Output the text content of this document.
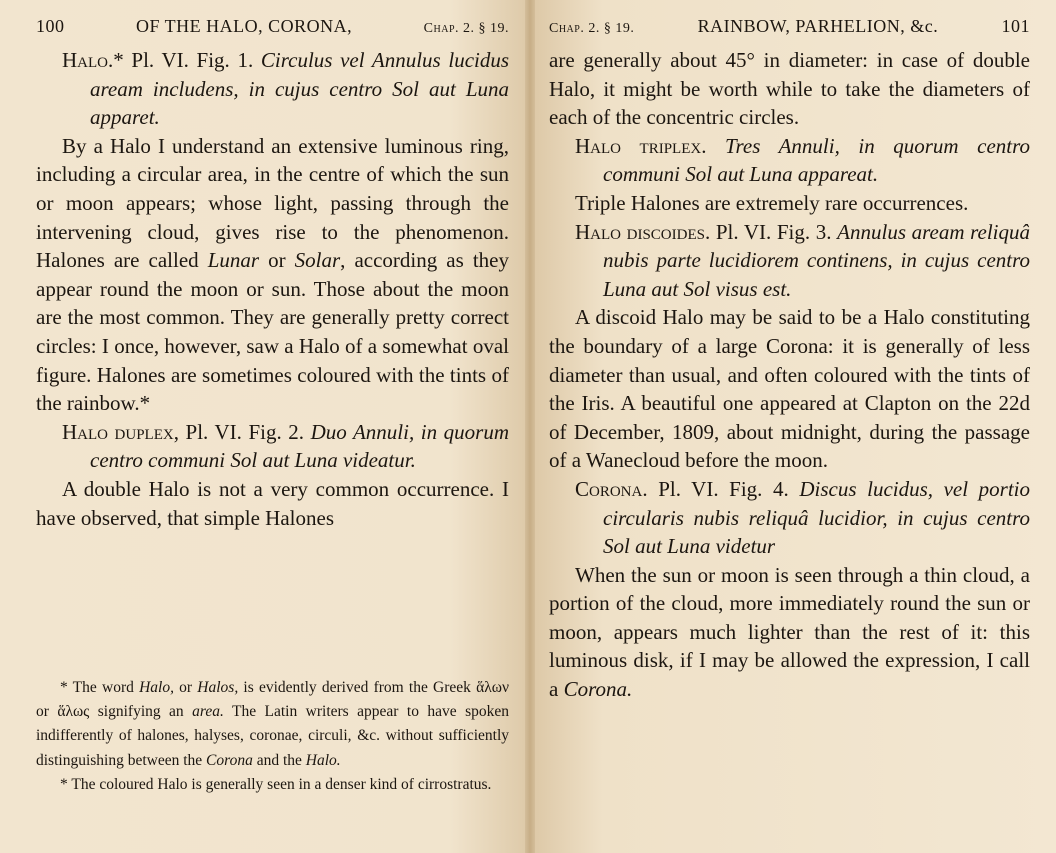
100	OF THE HALO, CORONA,	Chap. 2. § 19.

Halo.* Pl. VI. Fig. 1. Circulus vel Annulus lucidus aream includens, in cujus centro Sol aut Luna apparet.

By a Halo I understand an extensive luminous ring, including a circular area, in the centre of which the sun or moon appears; whose light, passing through the intervening cloud, gives rise to the phenomenon. Halones are called Lunar or Solar, according as they appear round the moon or sun. Those about the moon are the most common. They are generally pretty correct circles: I once, however, saw a Halo of a somewhat oval figure. Halones are sometimes coloured with the tints of the rainbow.*

Halo duplex, Pl. VI. Fig. 2. Duo Annuli, in quorum centro communi Sol aut Luna videatur.

A double Halo is not a very common occurrence. I have observed, that simple Halones

* The word Halo, or Halos, is evidently derived from the Greek ἅλων or ἅλως signifying an area. The Latin writers appear to have spoken indifferently of halones, halyses, coronae, circuli, &c. without sufficiently distinguishing between the Corona and the Halo.

* The coloured Halo is generally seen in a denser kind of cirrostratus.

Chap. 2. § 19.	RAINBOW, PARHELION, &c.	101

are generally about 45° in diameter: in case of double Halo, it might be worth while to take the diameters of each of the concentric circles.

Halo triplex. Tres Annuli, in quorum centro communi Sol aut Luna appareat.

Triple Halones are extremely rare occurrences.

Halo discoides. Pl. VI. Fig. 3. Annulus aream reliquâ nubis parte lucidiorem continens, in cujus centro Luna aut Sol visus est.

A discoid Halo may be said to be a Halo constituting the boundary of a large Corona: it is generally of less diameter than usual, and often coloured with the tints of the Iris. A beautiful one appeared at Clapton on the 22d of December, 1809, about midnight, during the passage of a Wanecloud before the moon.

Corona. Pl. VI. Fig. 4. Discus lucidus, vel portio circularis nubis reliquâ lucidior, in cujus centro Sol aut Luna videtur

When the sun or moon is seen through a thin cloud, a portion of the cloud, more immediately round the sun or moon, appears much lighter than the rest of it: this luminous disk, if I may be allowed the expression, I call a Corona.
